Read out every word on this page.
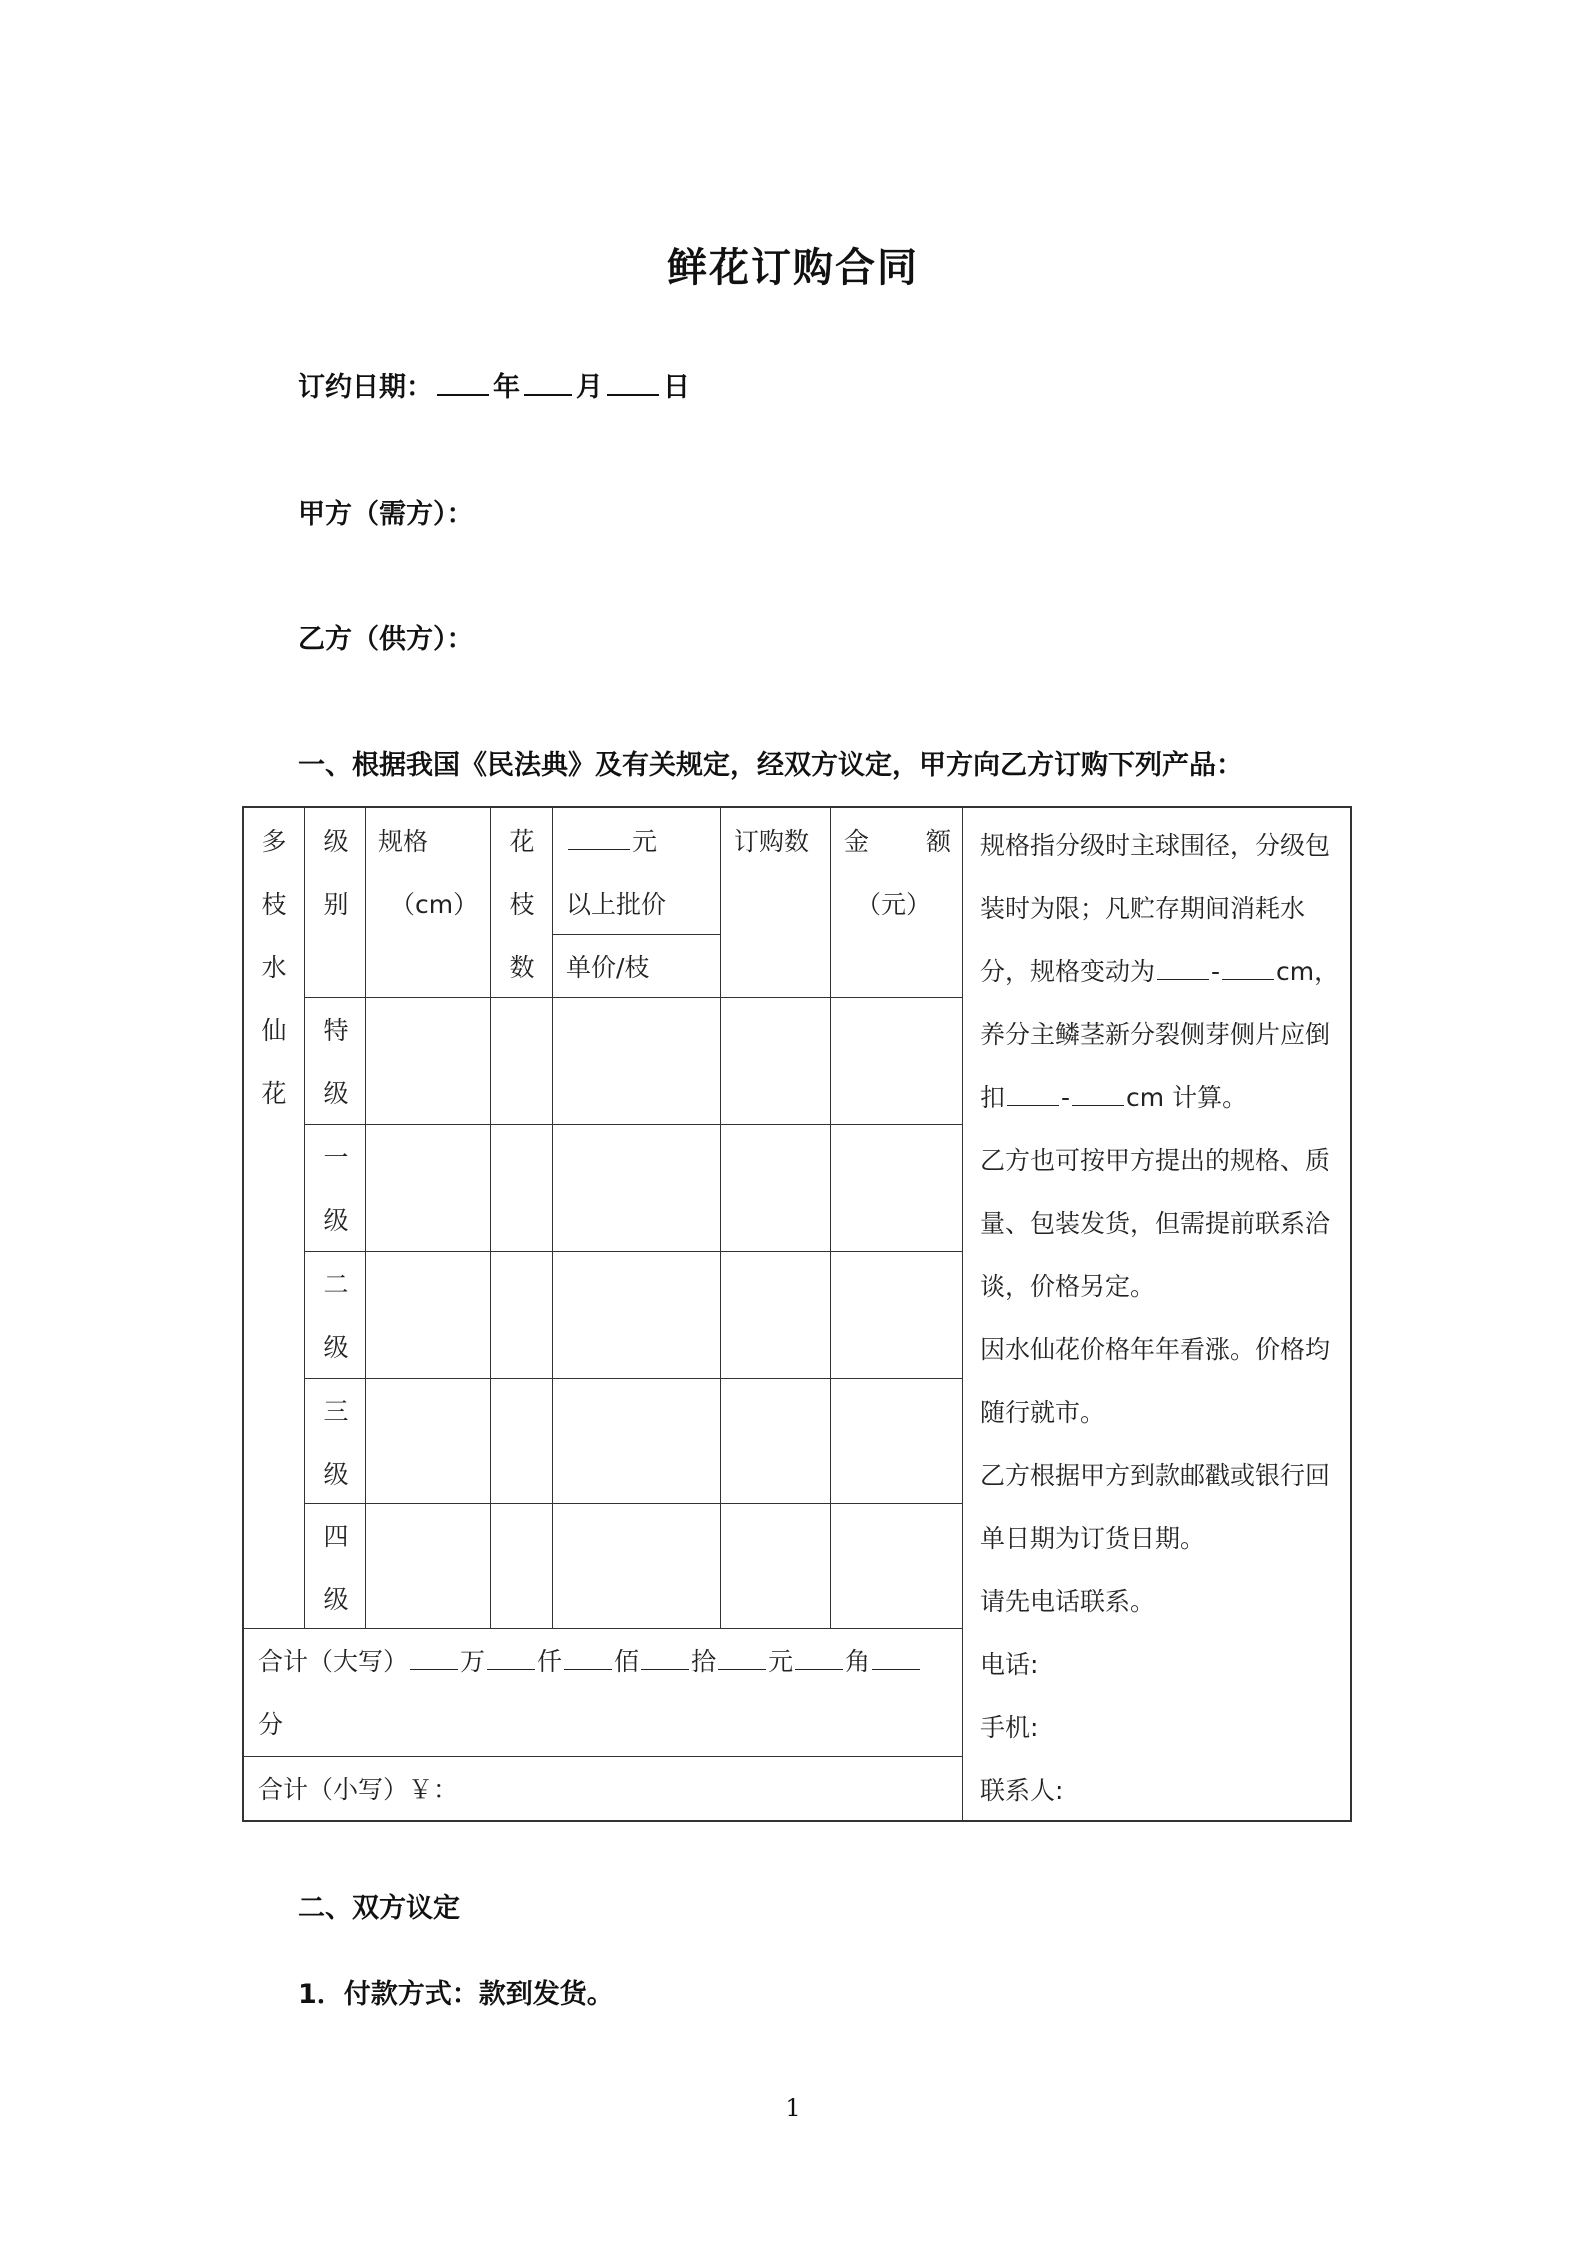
鲜花订购合同
订约日期： 年 月 日
甲方（需方）：
乙方（供方）：
一、根据我国《民法典》及有关规定，经双方议定，甲方向乙方订购下列产品：
多
枝
水
仙
花
级
别
规格
（cm）
花
枝
数
元
以上批价
单价/枝
订购数 金 额
（元）
特
级
一
级
二
级
三
级
四
级
合计（大写） 万 仟 佰 拾 元 角
分
合计（小写）￥：

规格指分级时主球围径，分级包装时为限；凡贮存期间消耗水分，规格变动为 - cm，养分主鳞茎新分裂侧芽侧片应倒扣 - cm 计算。

乙方也可按甲方提出的规格、质量、包装发货，但需提前联系洽谈，价格另定。

因水仙花价格年年看涨。价格均随行就市。

乙方根据甲方到款邮戳或银行回单日期为订货日期。

请先电话联系。

电话:

手机:

联系人:

二、双方议定
1．付款方式：款到发货。
1
